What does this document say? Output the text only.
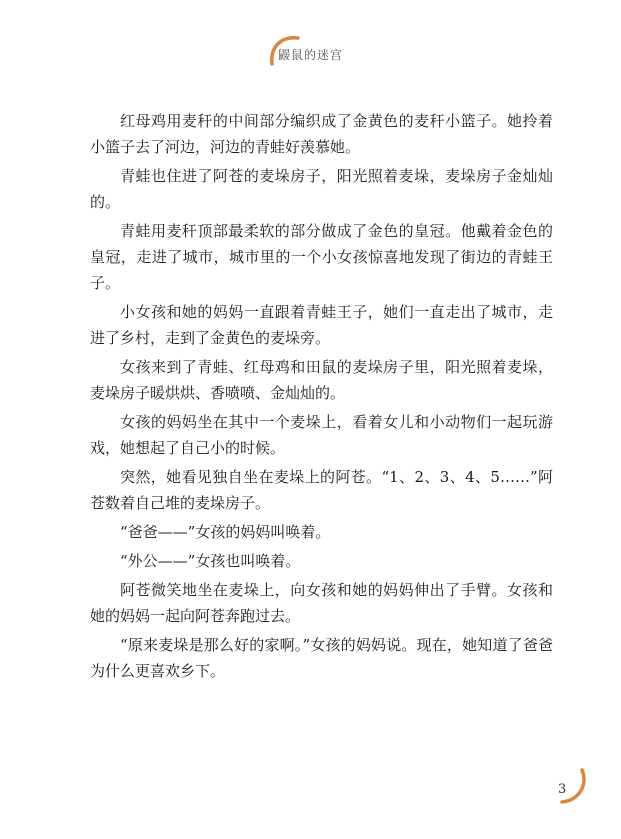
鼹鼠的迷宫

红母鸡用麦秆的中间部分编织成了金黄色的麦秆小篮子。她拎着小篮子去了河边，河边的青蛙好羡慕她。

青蛙也住进了阿苍的麦垛房子，阳光照着麦垛，麦垛房子金灿灿的。

青蛙用麦秆顶部最柔软的部分做成了金色的皇冠。他戴着金色的皇冠，走进了城市，城市里的一个小女孩惊喜地发现了街边的青蛙王子。

小女孩和她的妈妈一直跟着青蛙王子，她们一直走出了城市，走进了乡村，走到了金黄色的麦垛旁。

女孩来到了青蛙、红母鸡和田鼠的麦垛房子里，阳光照着麦垛，麦垛房子暖烘烘、香喷喷、金灿灿的。

女孩的妈妈坐在其中一个麦垛上，看着女儿和小动物们一起玩游戏，她想起了自己小的时候。

突然，她看见独自坐在麦垛上的阿苍。“1、2、3、4、5……”阿苍数着自己堆的麦垛房子。

“爸爸——”女孩的妈妈叫唤着。

“外公——”女孩也叫唤着。

阿苍微笑地坐在麦垛上，向女孩和她的妈妈伸出了手臂。女孩和她的妈妈一起向阿苍奔跑过去。

“原来麦垛是那么好的家啊。”女孩的妈妈说。现在，她知道了爸爸为什么更喜欢乡下。

3
